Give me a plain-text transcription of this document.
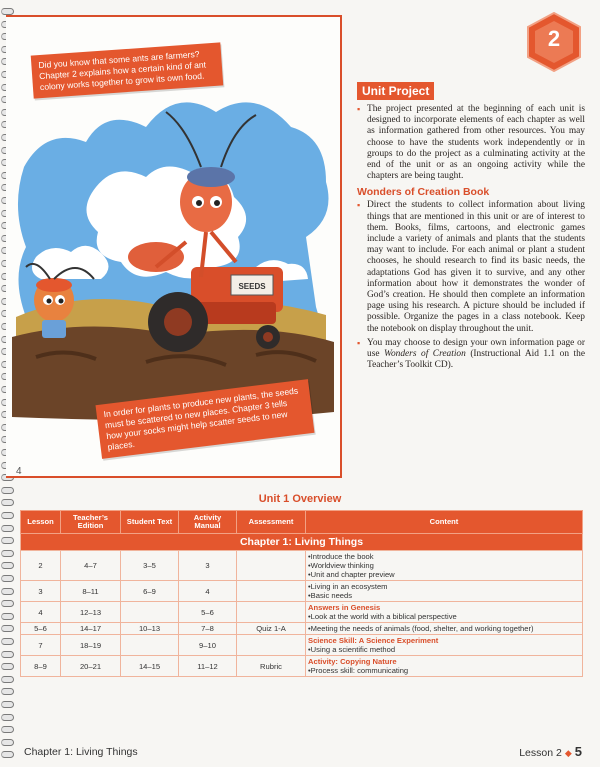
SEEDS
Did you know that some ants are farmers? Chapter 2 explains how a certain kind of ant colony works together to grow its own food.
In order for plants to produce new plants, the seeds must be scattered to new places. Chapter 3 tells how your socks might help scatter seeds to new places.
4
2
Unit Project
▪ The project presented at the beginning of each unit is designed to incorporate elements of each chapter as well as information gathered from other resources. You may choose to have the students work independently or in groups to do the project as a culminating activity at the end of the unit or as an ongoing activity while the chapters are being taught.
Wonders of Creation Book
▪ Direct the students to collect information about living things that are mentioned in this unit or are of interest to them. Books, films, cartoons, and electronic games include a variety of animals and plants that the students may want to include. For each animal or plant a student chooses, he should research to find its basic needs, the adaptations God has given it to survive, and any other information about how it demonstrates the wonder of God’s creation. He should then complete an information page using his research. A picture should be included if possible. Organize the pages in a class notebook. Keep the notebook on display throughout the unit.
▪ You may choose to design your own information page or use Wonders of Creation (Instructional Aid 1.1 on the Teacher’s Toolkit CD).
Unit 1 Overview
Lesson	Teacher’s Edition	Student Text	Activity Manual	Assessment	Content
Chapter 1: Living Things					
2	4–7	3–5	3		• Introduce the book
• Worldview thinking
• Unit and chapter preview

3	8–11	6–9	4		• Living in an ecosystem
• Basic needs

4	12–13		5–6		Answers in Genesis
• Look at the world with a biblical perspective

5–6	14–17	10–13	7–8	Quiz 1-A	• Meeting the needs of animals (food, shelter, and working together)

7	18–19		9–10		Science Skill: A Science Experiment
• Using a scientific method

8–9	20–21	14–15	11–12	Rubric	Activity: Copying Nature
• Process skill: communicating
Chapter 1: Living Things	Lesson 2 ◆ 5
